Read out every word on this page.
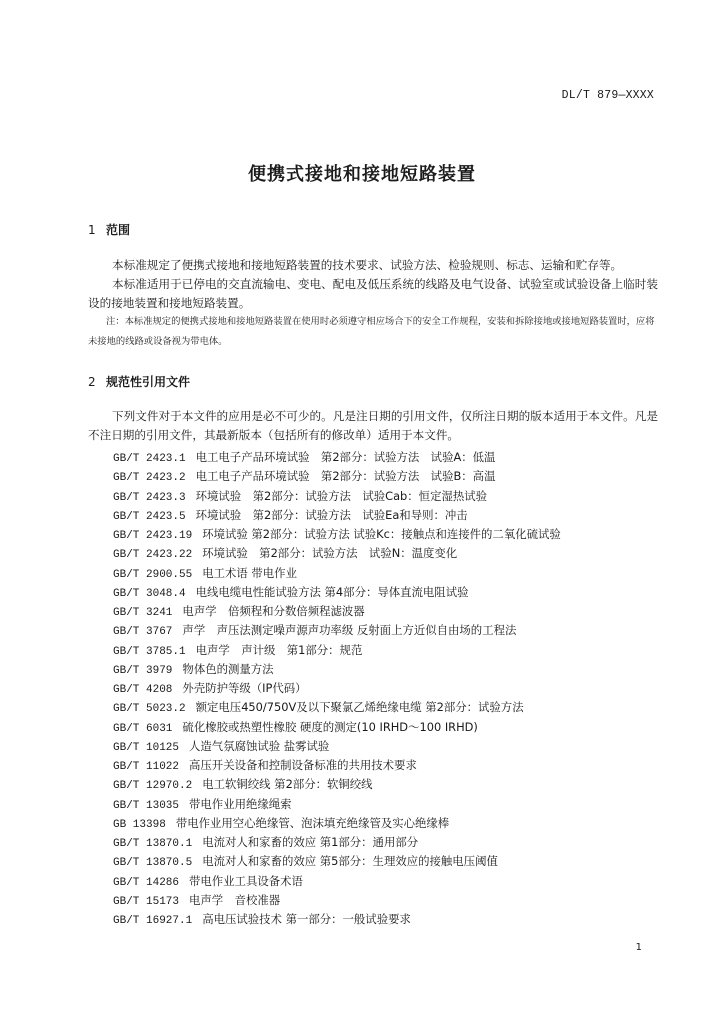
DL/T 879—XXXX
便携式接地和接地短路装置
1 范围
本标准规定了便携式接地和接地短路装置的技术要求、试验方法、检验规则、标志、运输和贮存等。
本标准适用于已停电的交直流输电、变电、配电及低压系统的线路及电气设备、试验室或试验设备上临时装设的接地装置和接地短路装置。
注：本标准规定的便携式接地和接地短路装置在使用时必须遵守相应场合下的安全工作规程，安装和拆除接地或接地短路装置时，应将未接地的线路或设备视为带电体。
2 规范性引用文件
下列文件对于本文件的应用是必不可少的。凡是注日期的引用文件，仅所注日期的版本适用于本文件。凡是不注日期的引用文件，其最新版本（包括所有的修改单）适用于本文件。
GB/T 2423.1 电工电子产品环境试验　第2部分：试验方法　试验A：低温
GB/T 2423.2 电工电子产品环境试验　第2部分：试验方法　试验B：高温
GB/T 2423.3 环境试验　第2部分：试验方法　试验Cab：恒定湿热试验
GB/T 2423.5 环境试验　第2部分：试验方法　试验Ea和导则：冲击
GB/T 2423.19 环境试验 第2部分：试验方法 试验Kc：接触点和连接件的二氧化硫试验
GB/T 2423.22 环境试验　第2部分：试验方法　试验N：温度变化
GB/T 2900.55 电工术语 带电作业
GB/T 3048.4 电线电缆电性能试验方法 第4部分：导体直流电阻试验
GB/T 3241 电声学　倍频程和分数倍频程滤波器
GB/T 3767 声学　声压法测定噪声源声功率级 反射面上方近似自由场的工程法
GB/T 3785.1 电声学　声计级　第1部分：规范
GB/T 3979 物体色的测量方法
GB/T 4208 外壳防护等级（IP代码）
GB/T 5023.2 额定电压450/750V及以下聚氯乙烯绝缘电缆 第2部分：试验方法
GB/T 6031 硫化橡胶或热塑性橡胶 硬度的测定(10 IRHD～100 IRHD)
GB/T 10125 人造气氛腐蚀试验 盐雾试验
GB/T 11022 高压开关设备和控制设备标准的共用技术要求
GB/T 12970.2 电工软铜绞线 第2部分：软铜绞线
GB/T 13035 带电作业用绝缘绳索
GB 13398 带电作业用空心绝缘管、泡沫填充绝缘管及实心绝缘棒
GB/T 13870.1 电流对人和家畜的效应 第1部分：通用部分
GB/T 13870.5 电流对人和家畜的效应 第5部分：生理效应的接触电压阈值
GB/T 14286 带电作业工具设备术语
GB/T 15173 电声学　音校准器
GB/T 16927.1 高电压试验技术 第一部分：一般试验要求
1
